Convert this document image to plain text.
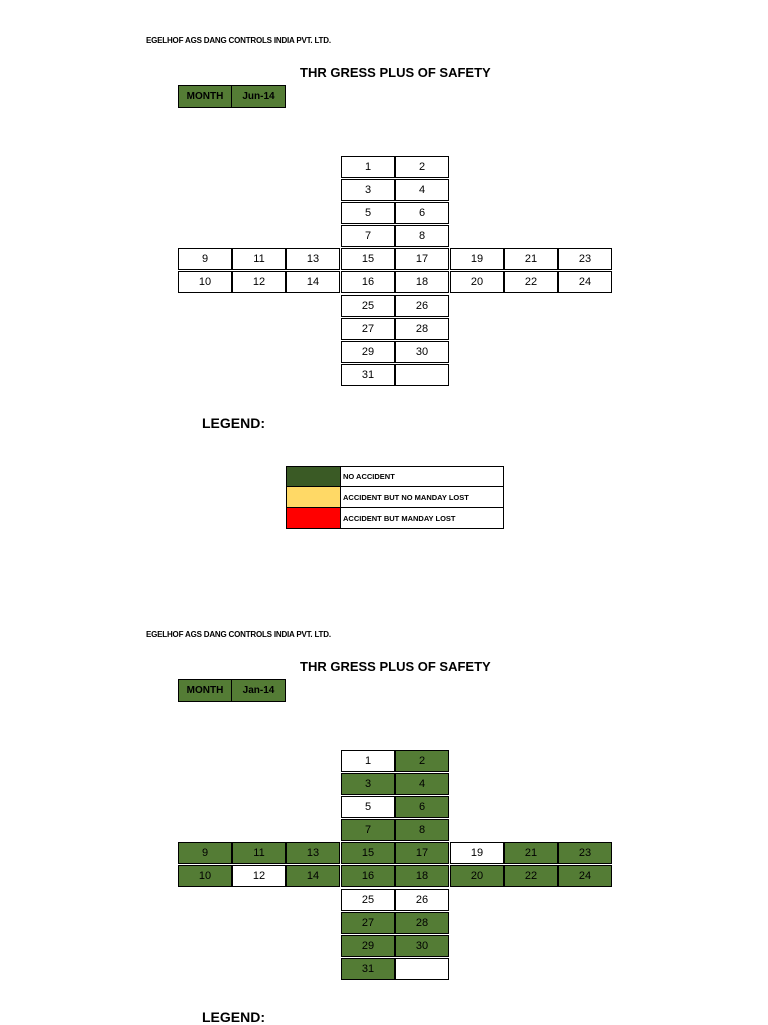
EGELHOF AGS DANG CONTROLS INDIA PVT. LTD.
THR GRESS PLUS OF SAFETY
MONTH	Jun-14
1	2
3	4
5	6
7	8
9	11	13	15	17	19	21	23
10	12	14	16	18	20	22	24
25	26
27	28
29	30
31
LEGEND:
NO ACCIDENT
ACCIDENT BUT NO MANDAY LOST
ACCIDENT BUT MANDAY LOST
EGELHOF AGS DANG CONTROLS INDIA PVT. LTD.
THR GRESS PLUS OF SAFETY
MONTH	Jan-14
1	2
3	4
5	6
7	8
9	11	13	15	17	19	21	23
10	12	14	16	18	20	22	24
25	26
27	28
29	30
31
LEGEND:
